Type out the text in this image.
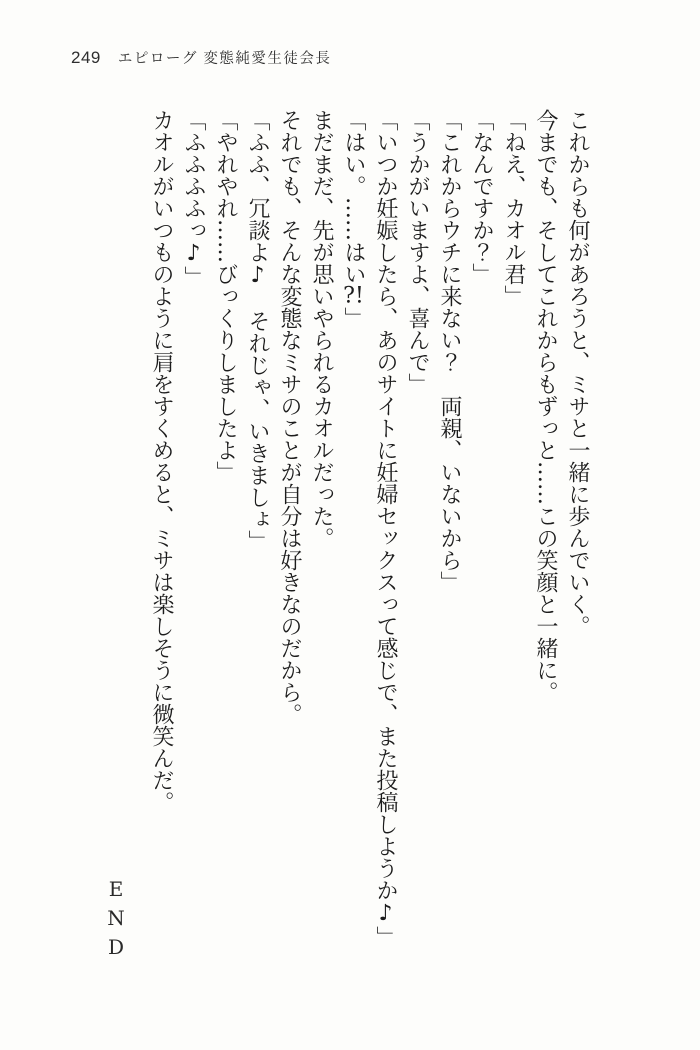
249 エピローグ 変態純愛生徒会長

これからも何があろうと、ミサと一緒に歩んでいく。

今までも、そしてこれからもずっと……この笑顔と一緒に。

「ねえ、カオル君」

「なんですか？」

「これからウチに来ない？　両親、いないから」

「うかがいますよ、喜んで」

「いつか妊娠したら、あのサイトに妊婦セックスって感じで、また投稿しようか♪」

「はい。……はい?!」

まだまだ、先が思いやられるカオルだった。

それでも、そんな変態なミサのことが自分は好きなのだから。

「ふふ、冗談よ♪　それじゃ、いきましょ」

「やれやれ……びっくりしましたよ」

「ふふふふっ♪」

カオルがいつものように肩をすくめると、ミサは楽しそうに微笑んだ。

END
